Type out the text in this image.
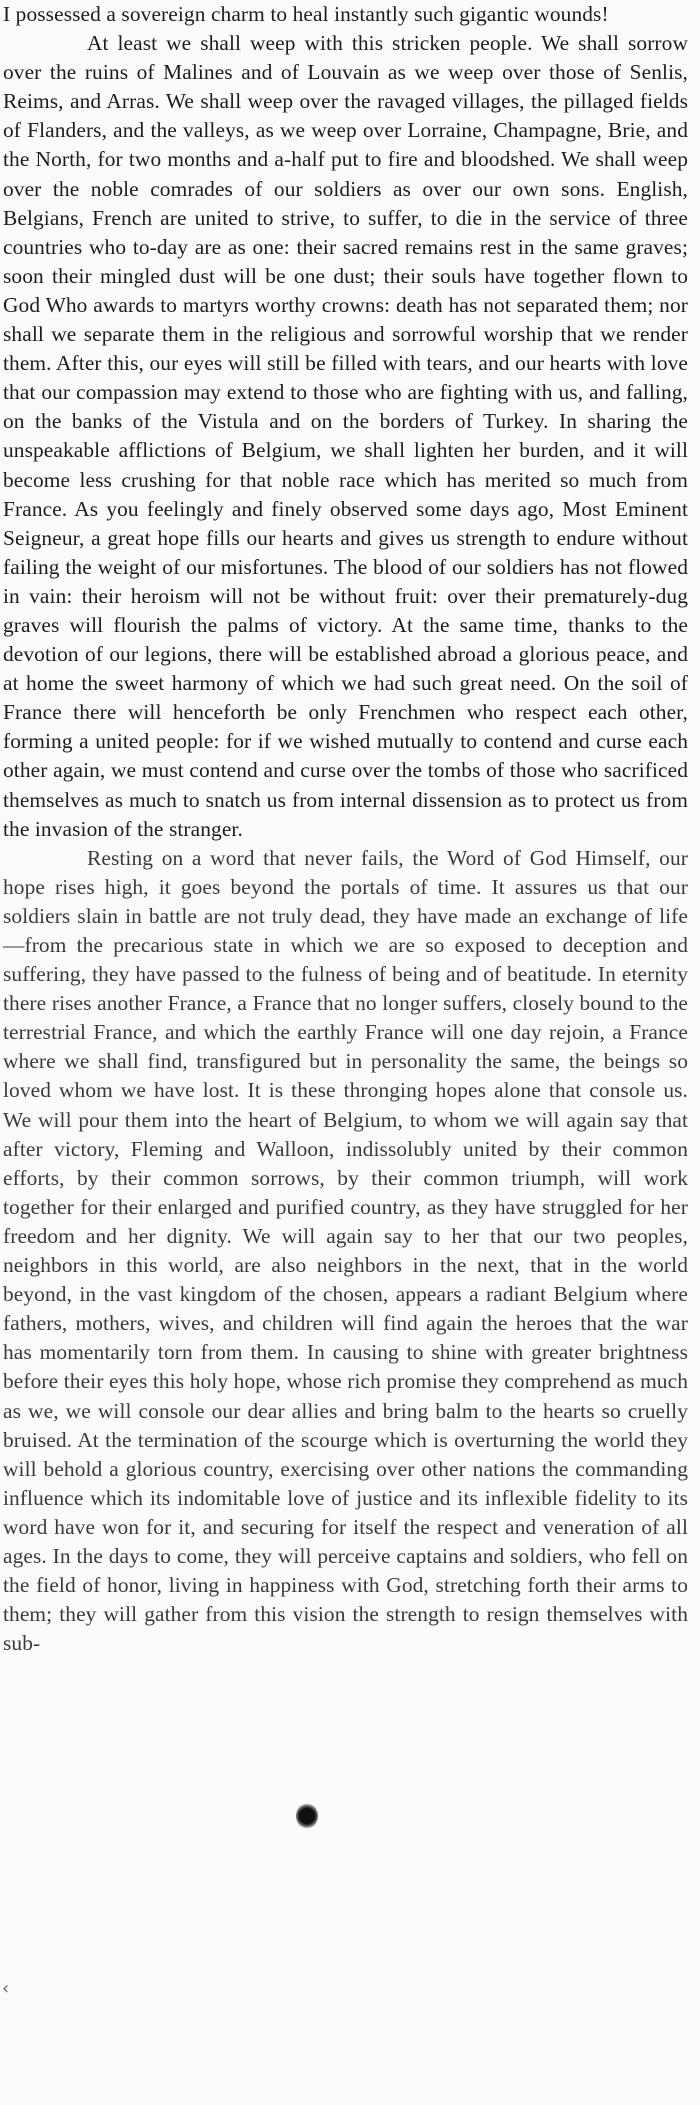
I possessed a sovereign charm to heal instantly such gigantic wounds!

At least we shall weep with this stricken people. We shall sorrow over the ruins of Malines and of Louvain as we weep over those of Senlis, Reims, and Arras. We shall weep over the ravaged villages, the pillaged fields of Flanders, and the valleys, as we weep over Lorraine, Champagne, Brie, and the North, for two months and a-half put to fire and bloodshed. We shall weep over the noble comrades of our soldiers as over our own sons. English, Belgians, French are united to strive, to suffer, to die in the service of three countries who to-day are as one: their sacred remains rest in the same graves; soon their mingled dust will be one dust; their souls have together flown to God Who awards to martyrs worthy crowns: death has not separated them; nor shall we separate them in the religious and sorrowful worship that we render them. After this, our eyes will still be filled with tears, and our hearts with love that our compassion may extend to those who are fighting with us, and falling, on the banks of the Vistula and on the borders of Turkey. In sharing the unspeakable afflictions of Belgium, we shall lighten her burden, and it will become less crushing for that noble race which has merited so much from France. As you feelingly and finely observed some days ago, Most Eminent Seigneur, a great hope fills our hearts and gives us strength to endure without failing the weight of our misfortunes. The blood of our soldiers has not flowed in vain: their heroism will not be without fruit: over their prematurely-dug graves will flourish the palms of victory. At the same time, thanks to the devotion of our legions, there will be established abroad a glorious peace, and at home the sweet harmony of which we had such great need. On the soil of France there will henceforth be only Frenchmen who respect each other, forming a united people: for if we wished mutually to contend and curse each other again, we must contend and curse over the tombs of those who sacrificed themselves as much to snatch us from internal dissension as to protect us from the invasion of the stranger.

Resting on a word that never fails, the Word of God Himself, our hope rises high, it goes beyond the portals of time. It assures us that our soldiers slain in battle are not truly dead, they have made an exchange of life—from the precarious state in which we are so exposed to deception and suffering, they have passed to the fulness of being and of beatitude. In eternity there rises another France, a France that no longer suffers, closely bound to the terrestrial France, and which the earthly France will one day rejoin, a France where we shall find, transfigured but in personality the same, the beings so loved whom we have lost. It is these thronging hopes alone that console us. We will pour them into the heart of Belgium, to whom we will again say that after victory, Fleming and Walloon, indissolubly united by their common efforts, by their common sorrows, by their common triumph, will work together for their enlarged and purified country, as they have struggled for her freedom and her dignity. We will again say to her that our two peoples, neighbors in this world, are also neighbors in the next, that in the world beyond, in the vast kingdom of the chosen, appears a radiant Belgium where fathers, mothers, wives, and children will find again the heroes that the war has momentarily torn from them. In causing to shine with greater brightness before their eyes this holy hope, whose rich promise they comprehend as much as we, we will console our dear allies and bring balm to the hearts so cruelly bruised. At the termination of the scourge which is overturning the world they will behold a glorious country, exercising over other nations the commanding influence which its indomitable love of justice and its inflexible fidelity to its word have won for it, and securing for itself the respect and veneration of all ages. In the days to come, they will perceive captains and soldiers, who fell on the field of honor, living in happiness with God, stretching forth their arms to them; they will gather from this vision the strength to resign themselves with sub-

‹
